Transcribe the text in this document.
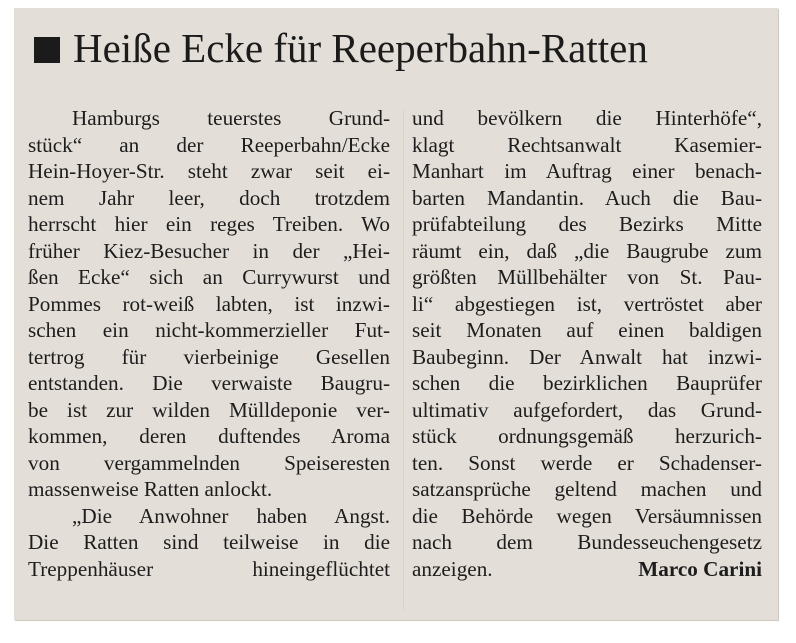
Heiße Ecke für Reeperbahn-Ratten
Hamburgs teuerstes Grund-
stück“ an der Reeperbahn/Ecke
Hein-Hoyer-Str. steht zwar seit ei-
nem Jahr leer, doch trotzdem
herrscht hier ein reges Treiben. Wo
früher Kiez-Besucher in der „Hei-
ßen Ecke“ sich an Currywurst und
Pommes rot-weiß labten, ist inzwi-
schen ein nicht-kommerzieller Fut-
tertrog für vierbeinige Gesellen
entstanden. Die verwaiste Baugru-
be ist zur wilden Mülldeponie ver-
kommen, deren duftendes Aroma
von vergammelnden Speiseresten
massenweise Ratten anlockt.
„Die Anwohner haben Angst.
Die Ratten sind teilweise in die
Treppenhäuser hineingeflüchtet
und bevölkern die Hinterhöfe“,
klagt Rechtsanwalt Kasemier-
Manhart im Auftrag einer benach-
barten Mandantin. Auch die Bau-
prüfabteilung des Bezirks Mitte
räumt ein, daß „die Baugrube zum
größten Müllbehälter von St. Pau-
li“ abgestiegen ist, vertröstet aber
seit Monaten auf einen baldigen
Baubeginn. Der Anwalt hat inzwi-
schen die bezirklichen Bauprüfer
ultimativ aufgefordert, das Grund-
stück ordnungsgemäß herzurich-
ten. Sonst werde er Schadenser-
satzansprüche geltend machen und
die Behörde wegen Versäumnissen
nach dem Bundesseuchengesetz
anzeigen.	Marco Carini
